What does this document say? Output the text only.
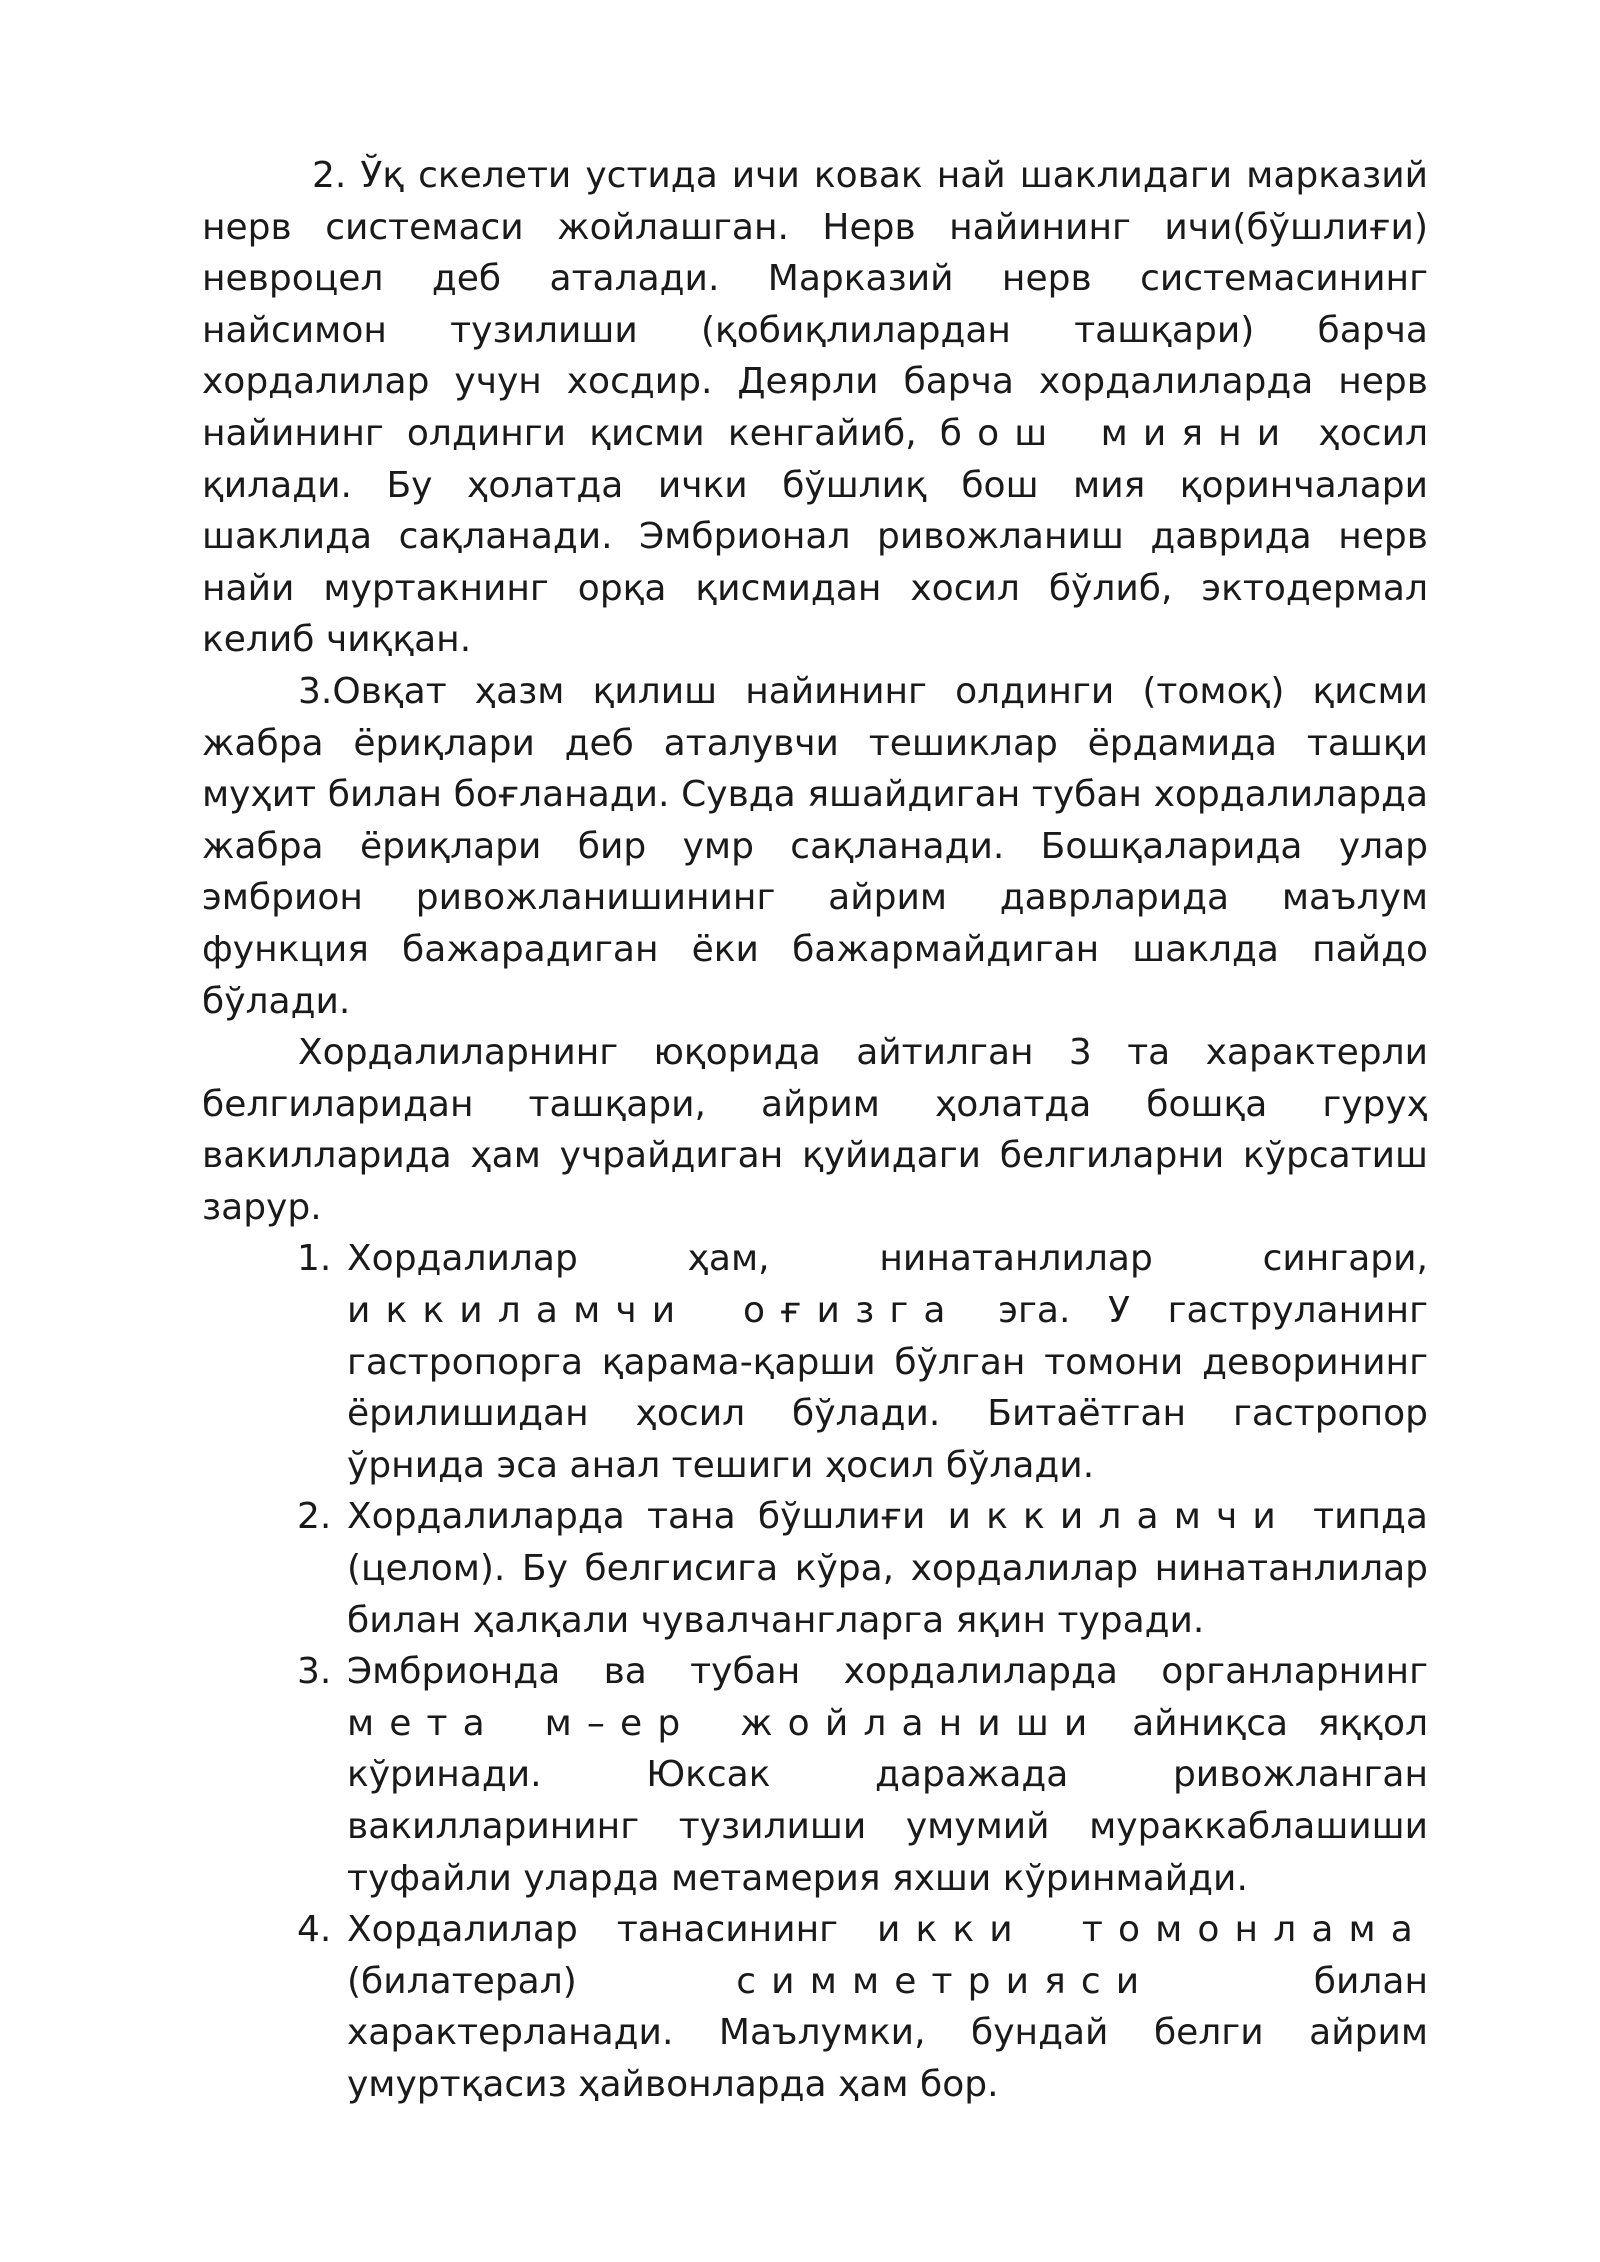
2. Ўқ скелети устида ичи ковак най шаклидаги марказий нерв системаси жойлашган. Нерв найининг ичи(бўшлиғи) невроцел деб аталади. Марказий нерв системасининг найсимон тузилиши (қобиқлилардан ташқари) барча хордалилар учун хосдир. Деярли барча хордалиларда нерв найининг олдинги қисми кенгайиб, бош мияни ҳосил қилади. Бу ҳолатда ички бўшлиқ бош мия қоринчалари шаклида сақланади. Эмбрионал ривожланиш даврида нерв найи муртакнинг орқа қисмидан хосил бўлиб, эктодермал келиб чиққан.

3.Овқат ҳазм қилиш найининг олдинги (томоқ) қисми жабра ёриқлари деб аталувчи тешиклар ёрдамида ташқи муҳит билан боғланади. Сувда яшайдиган тубан хордалиларда жабра ёриқлари бир умр сақланади. Бошқаларида улар эмбрион ривожланишининг айрим даврларида маълум функция бажарадиган ёки бажармайдиган шаклда пайдо бўлади.

Хордалиларнинг юқорида айтилган 3 та характерли белгиларидан ташқари, айрим ҳолатда бошқа гуруҳ вакилларида ҳам учрайдиган қуйидаги белгиларни кўрсатиш зарур.

1. Хордалилар ҳам, нинатанлилар сингари, иккиламчи оғизга эга. У гаструланинг гастропорга қарама-қарши бўлган томони деворининг ёрилишидан ҳосил бўлади. Битаётган гастропор ўрнида эса анал тешиги ҳосил бўлади.
2. Хордалиларда тана бўшлиғи иккиламчи типда (целом). Бу белгисига кўра, хордалилар нинатанлилар билан ҳалқали чувалчангларга яқин туради.
3. Эмбрионда ва тубан хордалиларда органларнинг мета м–ер жойланиши айниқса яққол кўринади. Юксак даражада ривожланган вакилларининг тузилиши умумий мураккаблашиши туфайли уларда метамерия яхши кўринмайди.
4. Хордалилар танасининг икки томонлама (билатерал) симметрияси билан характерланади. Маълумки, бундай белги айрим умуртқасиз ҳайвонларда ҳам бор.
